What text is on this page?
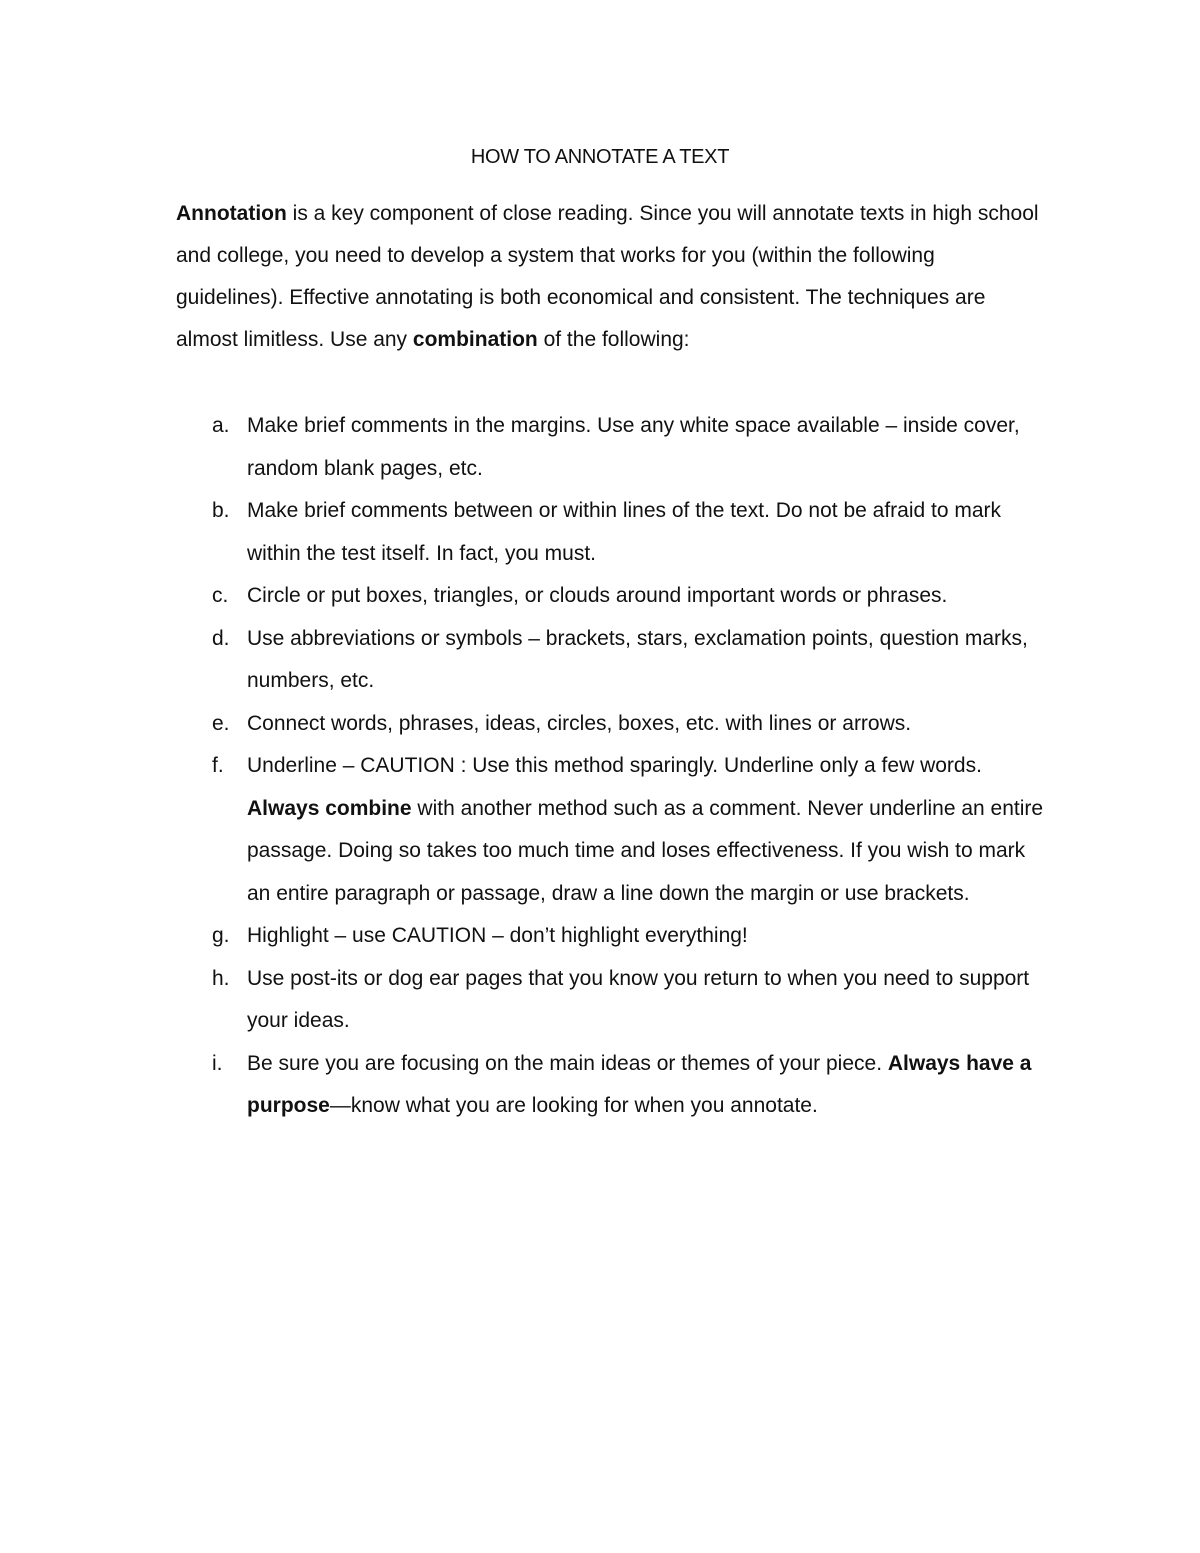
HOW TO ANNOTATE A TEXT

Annotation is a key component of close reading. Since you will annotate texts in high school and college, you need to develop a system that works for you (within the following guidelines). Effective annotating is both economical and consistent. The techniques are almost limitless. Use any combination of the following:

a. Make brief comments in the margins. Use any white space available – inside cover, random blank pages, etc.
b. Make brief comments between or within lines of the text. Do not be afraid to mark within the test itself. In fact, you must.
c. Circle or put boxes, triangles, or clouds around important words or phrases.
d. Use abbreviations or symbols – brackets, stars, exclamation points, question marks, numbers, etc.
e. Connect words, phrases, ideas, circles, boxes, etc. with lines or arrows.
f. Underline – CAUTION : Use this method sparingly. Underline only a few words. Always combine with another method such as a comment. Never underline an entire passage. Doing so takes too much time and loses effectiveness. If you wish to mark an entire paragraph or passage, draw a line down the margin or use brackets.
g. Highlight – use CAUTION – don’t highlight everything!
h. Use post-its or dog ear pages that you know you return to when you need to support your ideas.
i. Be sure you are focusing on the main ideas or themes of your piece. Always have a purpose—know what you are looking for when you annotate.
